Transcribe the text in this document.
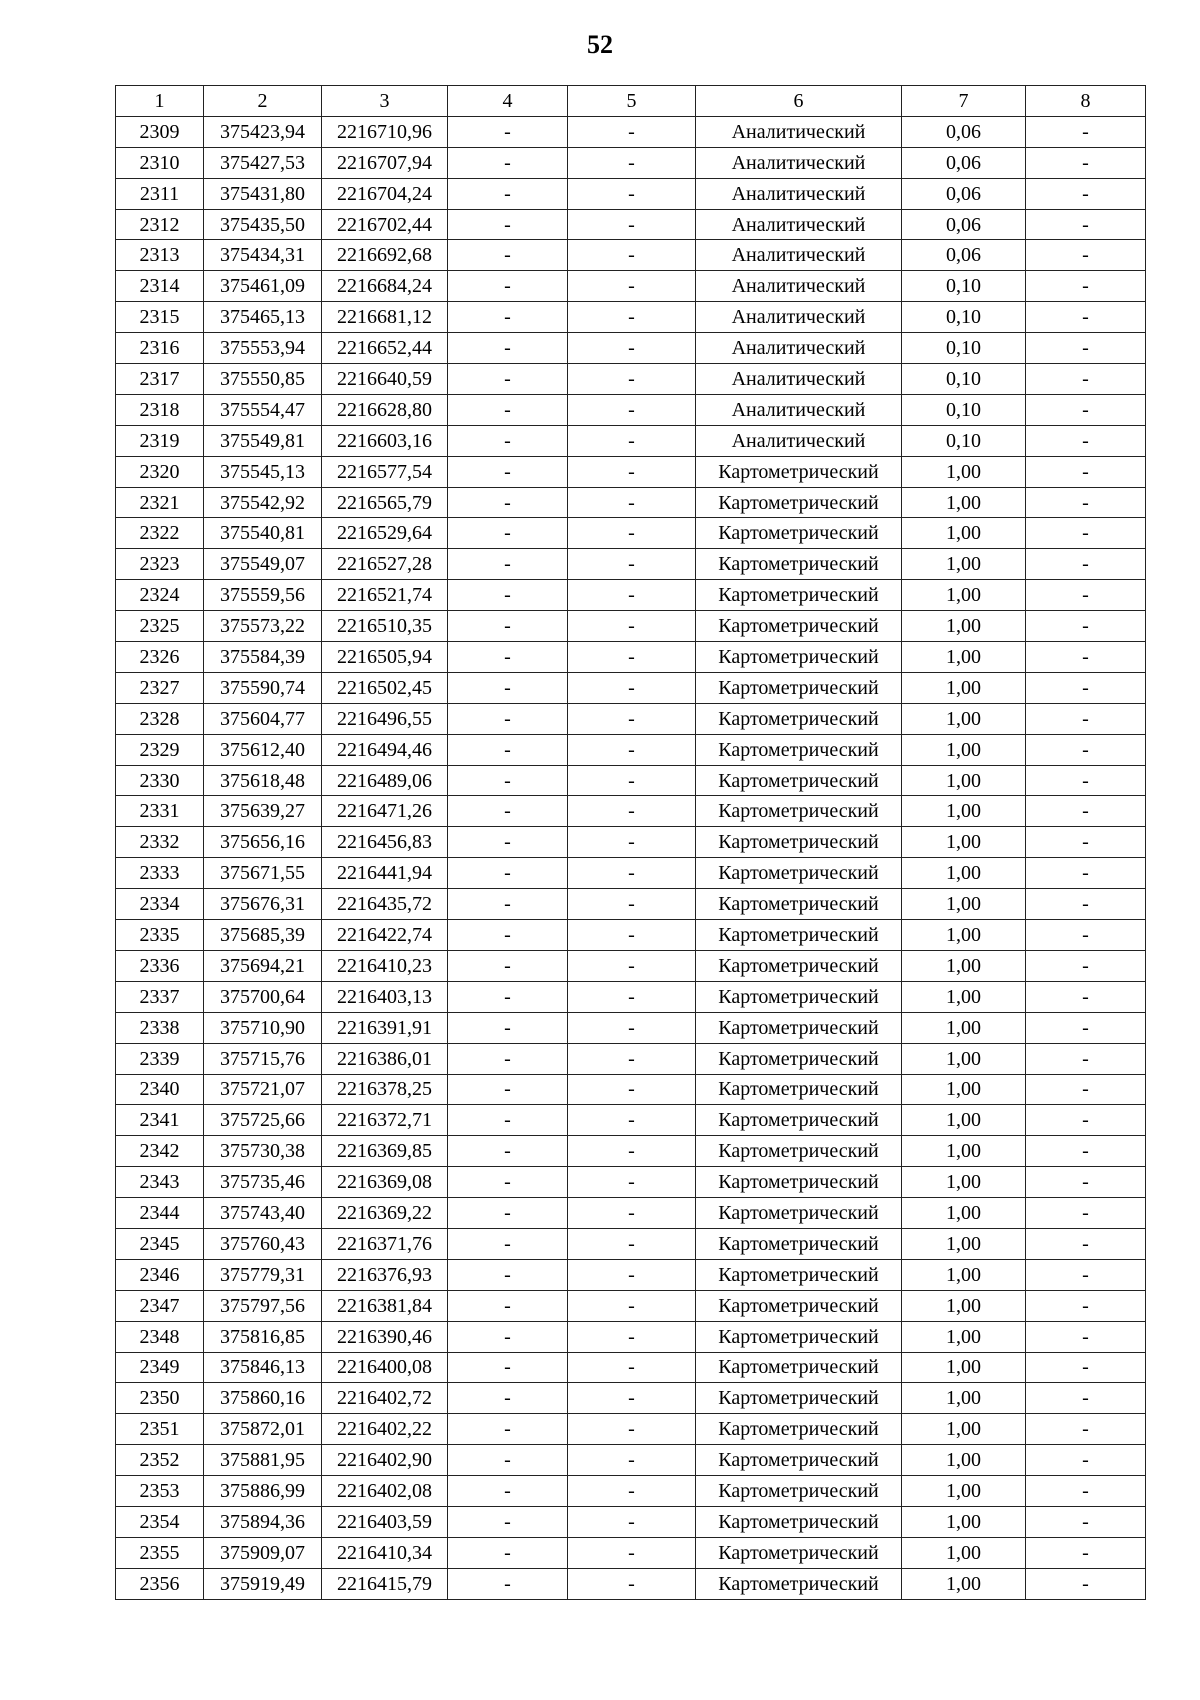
52
1	2	3	4	5	6	7	8
2309	375423,94	2216710,96	-	-	Аналитический	0,06	-
2310	375427,53	2216707,94	-	-	Аналитический	0,06	-
2311	375431,80	2216704,24	-	-	Аналитический	0,06	-
2312	375435,50	2216702,44	-	-	Аналитический	0,06	-
2313	375434,31	2216692,68	-	-	Аналитический	0,06	-
2314	375461,09	2216684,24	-	-	Аналитический	0,10	-
2315	375465,13	2216681,12	-	-	Аналитический	0,10	-
2316	375553,94	2216652,44	-	-	Аналитический	0,10	-
2317	375550,85	2216640,59	-	-	Аналитический	0,10	-
2318	375554,47	2216628,80	-	-	Аналитический	0,10	-
2319	375549,81	2216603,16	-	-	Аналитический	0,10	-
2320	375545,13	2216577,54	-	-	Картометрический	1,00	-
2321	375542,92	2216565,79	-	-	Картометрический	1,00	-
2322	375540,81	2216529,64	-	-	Картометрический	1,00	-
2323	375549,07	2216527,28	-	-	Картометрический	1,00	-
2324	375559,56	2216521,74	-	-	Картометрический	1,00	-
2325	375573,22	2216510,35	-	-	Картометрический	1,00	-
2326	375584,39	2216505,94	-	-	Картометрический	1,00	-
2327	375590,74	2216502,45	-	-	Картометрический	1,00	-
2328	375604,77	2216496,55	-	-	Картометрический	1,00	-
2329	375612,40	2216494,46	-	-	Картометрический	1,00	-
2330	375618,48	2216489,06	-	-	Картометрический	1,00	-
2331	375639,27	2216471,26	-	-	Картометрический	1,00	-
2332	375656,16	2216456,83	-	-	Картометрический	1,00	-
2333	375671,55	2216441,94	-	-	Картометрический	1,00	-
2334	375676,31	2216435,72	-	-	Картометрический	1,00	-
2335	375685,39	2216422,74	-	-	Картометрический	1,00	-
2336	375694,21	2216410,23	-	-	Картометрический	1,00	-
2337	375700,64	2216403,13	-	-	Картометрический	1,00	-
2338	375710,90	2216391,91	-	-	Картометрический	1,00	-
2339	375715,76	2216386,01	-	-	Картометрический	1,00	-
2340	375721,07	2216378,25	-	-	Картометрический	1,00	-
2341	375725,66	2216372,71	-	-	Картометрический	1,00	-
2342	375730,38	2216369,85	-	-	Картометрический	1,00	-
2343	375735,46	2216369,08	-	-	Картометрический	1,00	-
2344	375743,40	2216369,22	-	-	Картометрический	1,00	-
2345	375760,43	2216371,76	-	-	Картометрический	1,00	-
2346	375779,31	2216376,93	-	-	Картометрический	1,00	-
2347	375797,56	2216381,84	-	-	Картометрический	1,00	-
2348	375816,85	2216390,46	-	-	Картометрический	1,00	-
2349	375846,13	2216400,08	-	-	Картометрический	1,00	-
2350	375860,16	2216402,72	-	-	Картометрический	1,00	-
2351	375872,01	2216402,22	-	-	Картометрический	1,00	-
2352	375881,95	2216402,90	-	-	Картометрический	1,00	-
2353	375886,99	2216402,08	-	-	Картометрический	1,00	-
2354	375894,36	2216403,59	-	-	Картометрический	1,00	-
2355	375909,07	2216410,34	-	-	Картометрический	1,00	-
2356	375919,49	2216415,79	-	-	Картометрический	1,00	-
